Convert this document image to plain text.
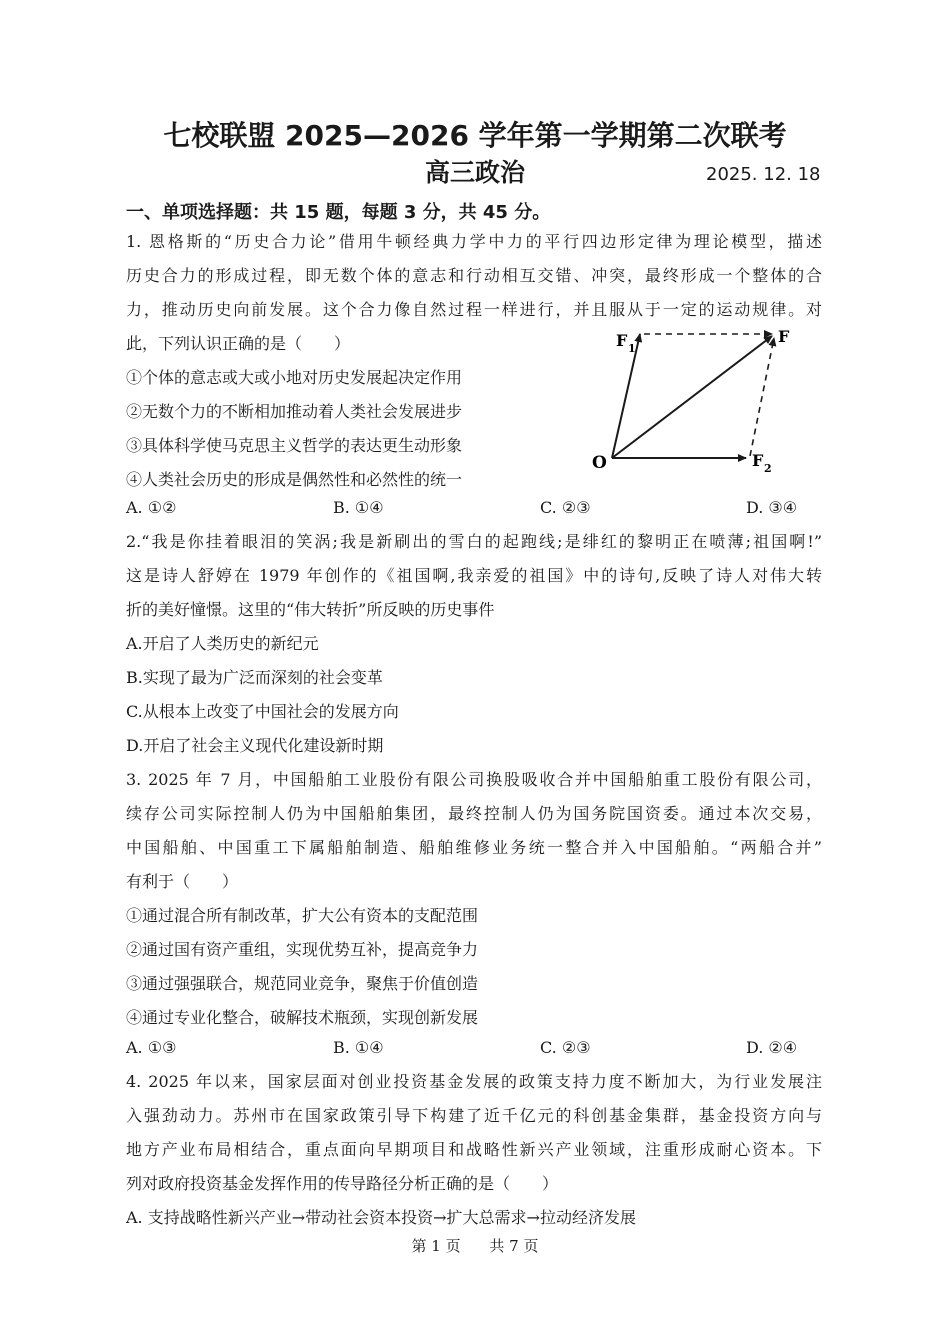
七校联盟 2025—2026 学年第一学期第二次联考
高三政治	2025. 12. 18
一、单项选择题：共 15 题，每题 3 分，共 45 分。
1. 恩格斯的“历史合力论”借用牛顿经典力学中力的平行四边形定律为理论模型，描述
历史合力的形成过程，即无数个体的意志和行动相互交错、冲突，最终形成一个整体的合
力，推动历史向前发展。这个合力像自然过程一样进行，并且服从于一定的运动规律。对
此，下列认识正确的是（　　）
①个体的意志或大或小地对历史发展起决定作用
②无数个力的不断相加推动着人类社会发展进步
③具体科学使马克思主义哲学的表达更生动形象
④人类社会历史的形成是偶然性和必然性的统一
O
F 1
F
F 2
A. ①②	B. ①④	C. ②③	D. ③④
2.“我是你挂着眼泪的笑涡;我是新刷出的雪白的起跑线;是绯红的黎明正在喷薄;祖国啊!”
这是诗人舒婷在 1979 年创作的《祖国啊,我亲爱的祖国》中的诗句,反映了诗人对伟大转
折的美好憧憬。这里的“伟大转折”所反映的历史事件
A.开启了人类历史的新纪元
B.实现了最为广泛而深刻的社会变革
C.从根本上改变了中国社会的发展方向
D.开启了社会主义现代化建设新时期
3. 2025 年 7 月，中国船舶工业股份有限公司换股吸收合并中国船舶重工股份有限公司，
续存公司实际控制人仍为中国船舶集团，最终控制人仍为国务院国资委。通过本次交易，
中国船舶、中国重工下属船舶制造、船舶维修业务统一整合并入中国船舶。“两船合并”
有利于（　　）
①通过混合所有制改革，扩大公有资本的支配范围
②通过国有资产重组，实现优势互补，提高竞争力
③通过强强联合，规范同业竞争，聚焦于价值创造
④通过专业化整合，破解技术瓶颈，实现创新发展
A. ①③	B. ①④	C. ②③	D. ②④
4. 2025 年以来，国家层面对创业投资基金发展的政策支持力度不断加大，为行业发展注
入强劲动力。苏州市在国家政策引导下构建了近千亿元的科创基金集群，基金投资方向与
地方产业布局相结合，重点面向早期项目和战略性新兴产业领域，注重形成耐心资本。下
列对政府投资基金发挥作用的传导路径分析正确的是（　　）
A. 支持战略性新兴产业→带动社会资本投资→扩大总需求→拉动经济发展
第 1 页 共 7 页
